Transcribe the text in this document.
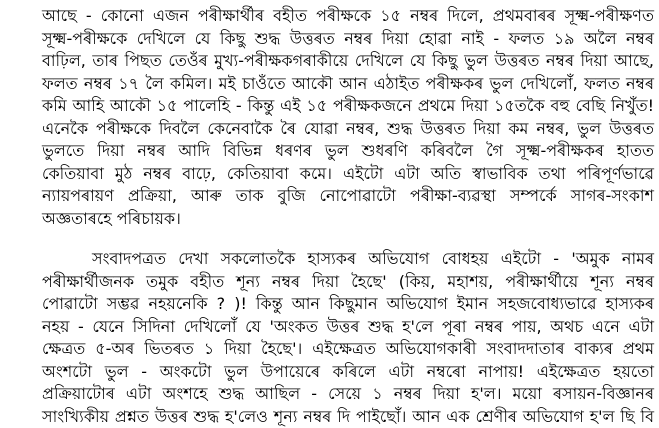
আছে - কোনো এজন পৰীক্ষাৰ্থীৰ বহীত পৰীক্ষকে ১৫ নম্বৰ দিলে, প্ৰথমবাৰৰ সূক্ষ্ম-পৰীক্ষণত
সূক্ষ্ম-পৰীক্ষকে দেখিলে যে কিছু শুদ্ধ উত্তৰত নম্বৰ দিয়া হোৱা নাই - ফলত ১৯ অলৈ নম্বৰ
বাঢ়িল, তাৰ পিছত তেওঁৰ মুখ্য-পৰীক্ষকগৰাকীয়ে দেখিলে যে কিছু ভুল উত্তৰত নম্বৰ দিয়া আছে,
ফলত নম্বৰ ১৭ লৈ কমিল। মই চাওঁতে আকৌ আন এঠাইত পৰীক্ষকৰ ভুল দেখিলোঁ, ফলত নম্বৰ
কমি আহি আকৌ ১৫ পালেহি - কিন্তু এই ১৫ পৰীক্ষকজনে প্ৰথমে দিয়া ১৫তকৈ বহু বেছি নিখুঁত!
এনেকৈ পৰীক্ষকে দিবলৈ কেনেবাকৈ ৰৈ যোৱা নম্বৰ, শুদ্ধ উত্তৰত দিয়া কম নম্বৰ, ভুল উত্তৰত
ভুলতে দিয়া নম্বৰ আদি বিভিন্ন ধৰণৰ ভুল শুধৰণি কৰিবলৈ গৈ সূক্ষ্ম-পৰীক্ষকৰ হাতত
কেতিয়াবা মুঠ নম্বৰ বাঢ়ে, কেতিয়াবা কমে। এইটো এটা অতি স্বাভাবিক তথা পৰিপূৰ্ণভাৱে
ন্যায়পৰায়ণ প্ৰক্ৰিয়া, আৰু তাক বুজি নোপোৱাটো পৰীক্ষা-ব্যৱস্থা সম্পৰ্কে সাগৰ-সংকাশ
অজ্ঞতাৰহে পৰিচায়ক।
সংবাদপত্ৰত দেখা সকলোতকৈ হাস্যকৰ অভিযোগ বোধহয় এইটো - 'অমুক নামৰ
পৰীক্ষাৰ্থীজনক তমুক বহীত শূন্য নম্বৰ দিয়া হৈছে' (কিয়, মহাশয়, পৰীক্ষাৰ্থীয়ে শূন্য নম্বৰ
পোৱাটো সম্ভৱ নহয়নেকি ? )! কিন্তু আন কিছুমান অভিযোগ ইমান সহজবোধ্যভাৱে হাস্যকৰ
নহয় - যেনে সিদিনা দেখিলোঁ যে 'অংকত উত্তৰ শুদ্ধ হ'লে পূৰা নম্বৰ পায়, অথচ এনে এটা
ক্ষেত্ৰত ৫-অৰ ভিতৰত ১ দিয়া হৈছে'। এইক্ষেত্ৰত অভিযোগকাৰী সংবাদদাতাৰ বাক্যৰ প্ৰথম
অংশটো ভুল - অংকটো ভুল উপায়েৰে কৰিলে এটা নম্বৰো নাপায়! এইক্ষেত্ৰত হয়তো
প্ৰক্ৰিয়াটোৰ এটা অংশহে শুদ্ধ আছিল - সেয়ে ১ নম্বৰ দিয়া হ'ল। ময়ো ৰসায়ন-বিজ্ঞানৰ
সাংখ্যিকীয় প্ৰশ্নত উত্তৰ শুদ্ধ হ'লেও শূন্য নম্বৰ দি পাইছোঁ। আন এক শ্ৰেণীৰ অভিযোগ হ'ল ছি বি
